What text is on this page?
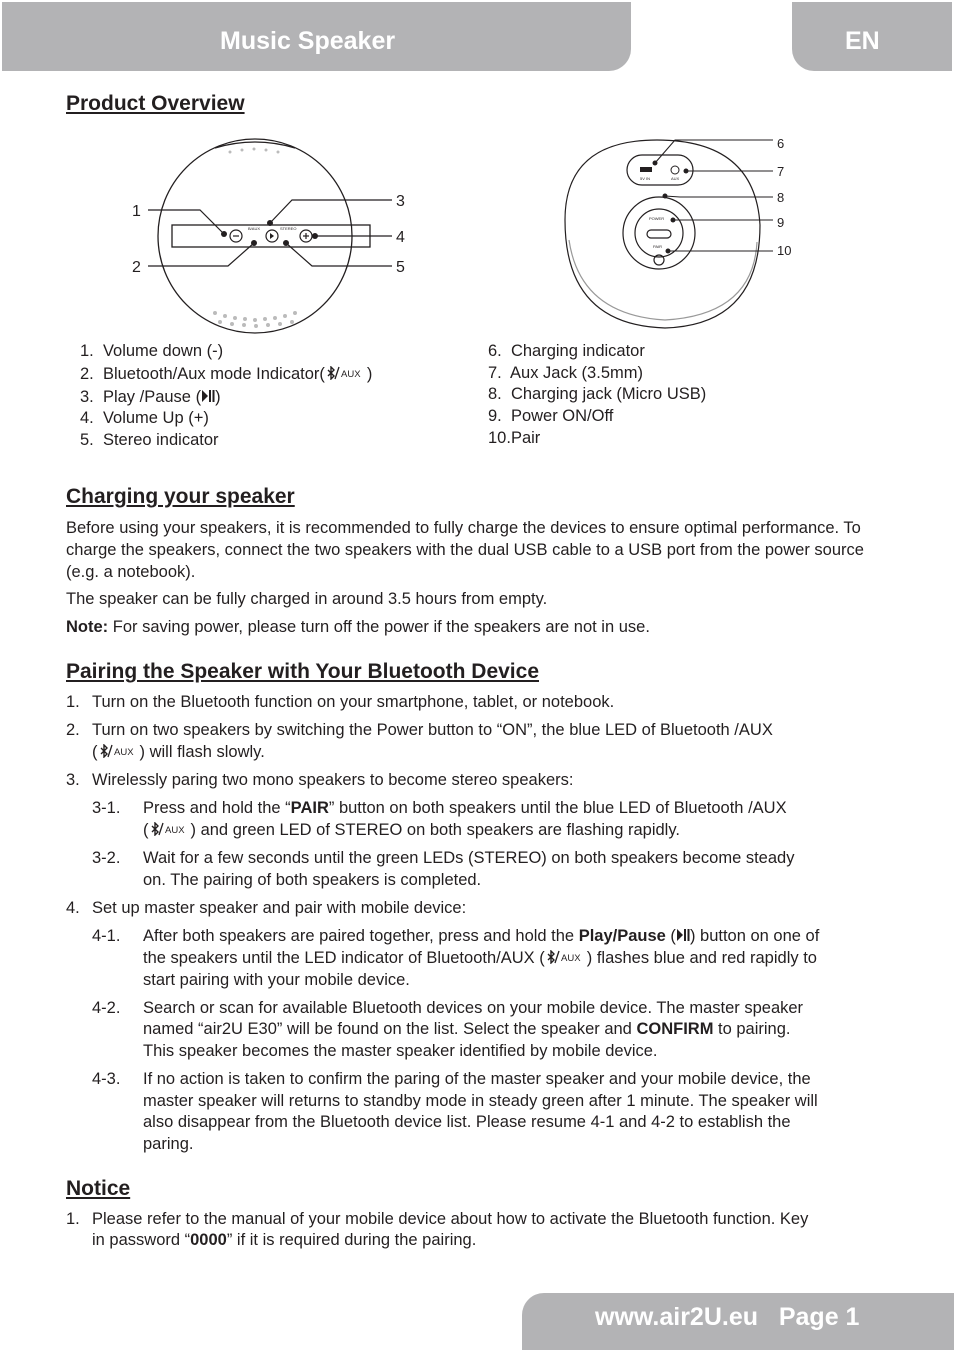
Music Speaker	EN
Product Overview
B/AUX	STEREO
1
2
3
4
5
5V IN	AUX
POWER
PAIR
6
7
8
9
10
1. Volume down (-)
2. Bluetooth/Aux mode Indicator( AUX )
3. Play /Pause ( )
4. Volume Up (+)
5. Stereo indicator
6. Charging indicator
7. Aux Jack (3.5mm)
8. Charging jack (Micro USB)
9. Power ON/Off
10.Pair
Charging your speaker

Before using your speakers, it is recommended to fully charge the devices to ensure optimal performance. To charge the speakers, connect the two speakers with the dual USB cable to a USB port from the power source (e.g. a notebook).

The speaker can be fully charged in around 3.5 hours from empty.

Note: For saving power, please turn off the power if the speakers are not in use.

Pairing the Speaker with Your Bluetooth Device
1. Turn on the Bluetooth function on your smartphone, tablet, or notebook.
2. Turn on two speakers by switching the Power button to “ON”, the blue LED of Bluetooth /AUX
( AUX ) will flash slowly.
3. Wirelessly paring two mono speakers to become stereo speakers:
3-1. Press and hold the “PAIR” button on both speakers until the blue LED of Bluetooth /AUX
( AUX ) and green LED of STEREO on both speakers are flashing rapidly.
3-2. Wait for a few seconds until the green LEDs (STEREO) on both speakers become steady
on. The pairing of both speakers is completed.
4. Set up master speaker and pair with mobile device:
4-1. After both speakers are paired together, press and hold the Play/Pause ( ) button on one of
the speakers until the LED indicator of Bluetooth/AUX ( AUX ) flashes blue and red rapidly to
start pairing with your mobile device.
4-2. Search or scan for available Bluetooth devices on your mobile device. The master speaker
named “air2U E30” will be found on the list. Select the speaker and CONFIRM to pairing.
This speaker becomes the master speaker identified by mobile device.
4-3. If no action is taken to confirm the paring of the master speaker and your mobile device, the
master speaker will returns to standby mode in steady green after 1 minute. The speaker will
also disappear from the Bluetooth device list. Please resume 4-1 and 4-2 to establish the
paring.
Notice
1. Please refer to the manual of your mobile device about how to activate the Bluetooth function. Key
in password “0000” if it is required during the pairing.
www.air2U.eu   Page 1
